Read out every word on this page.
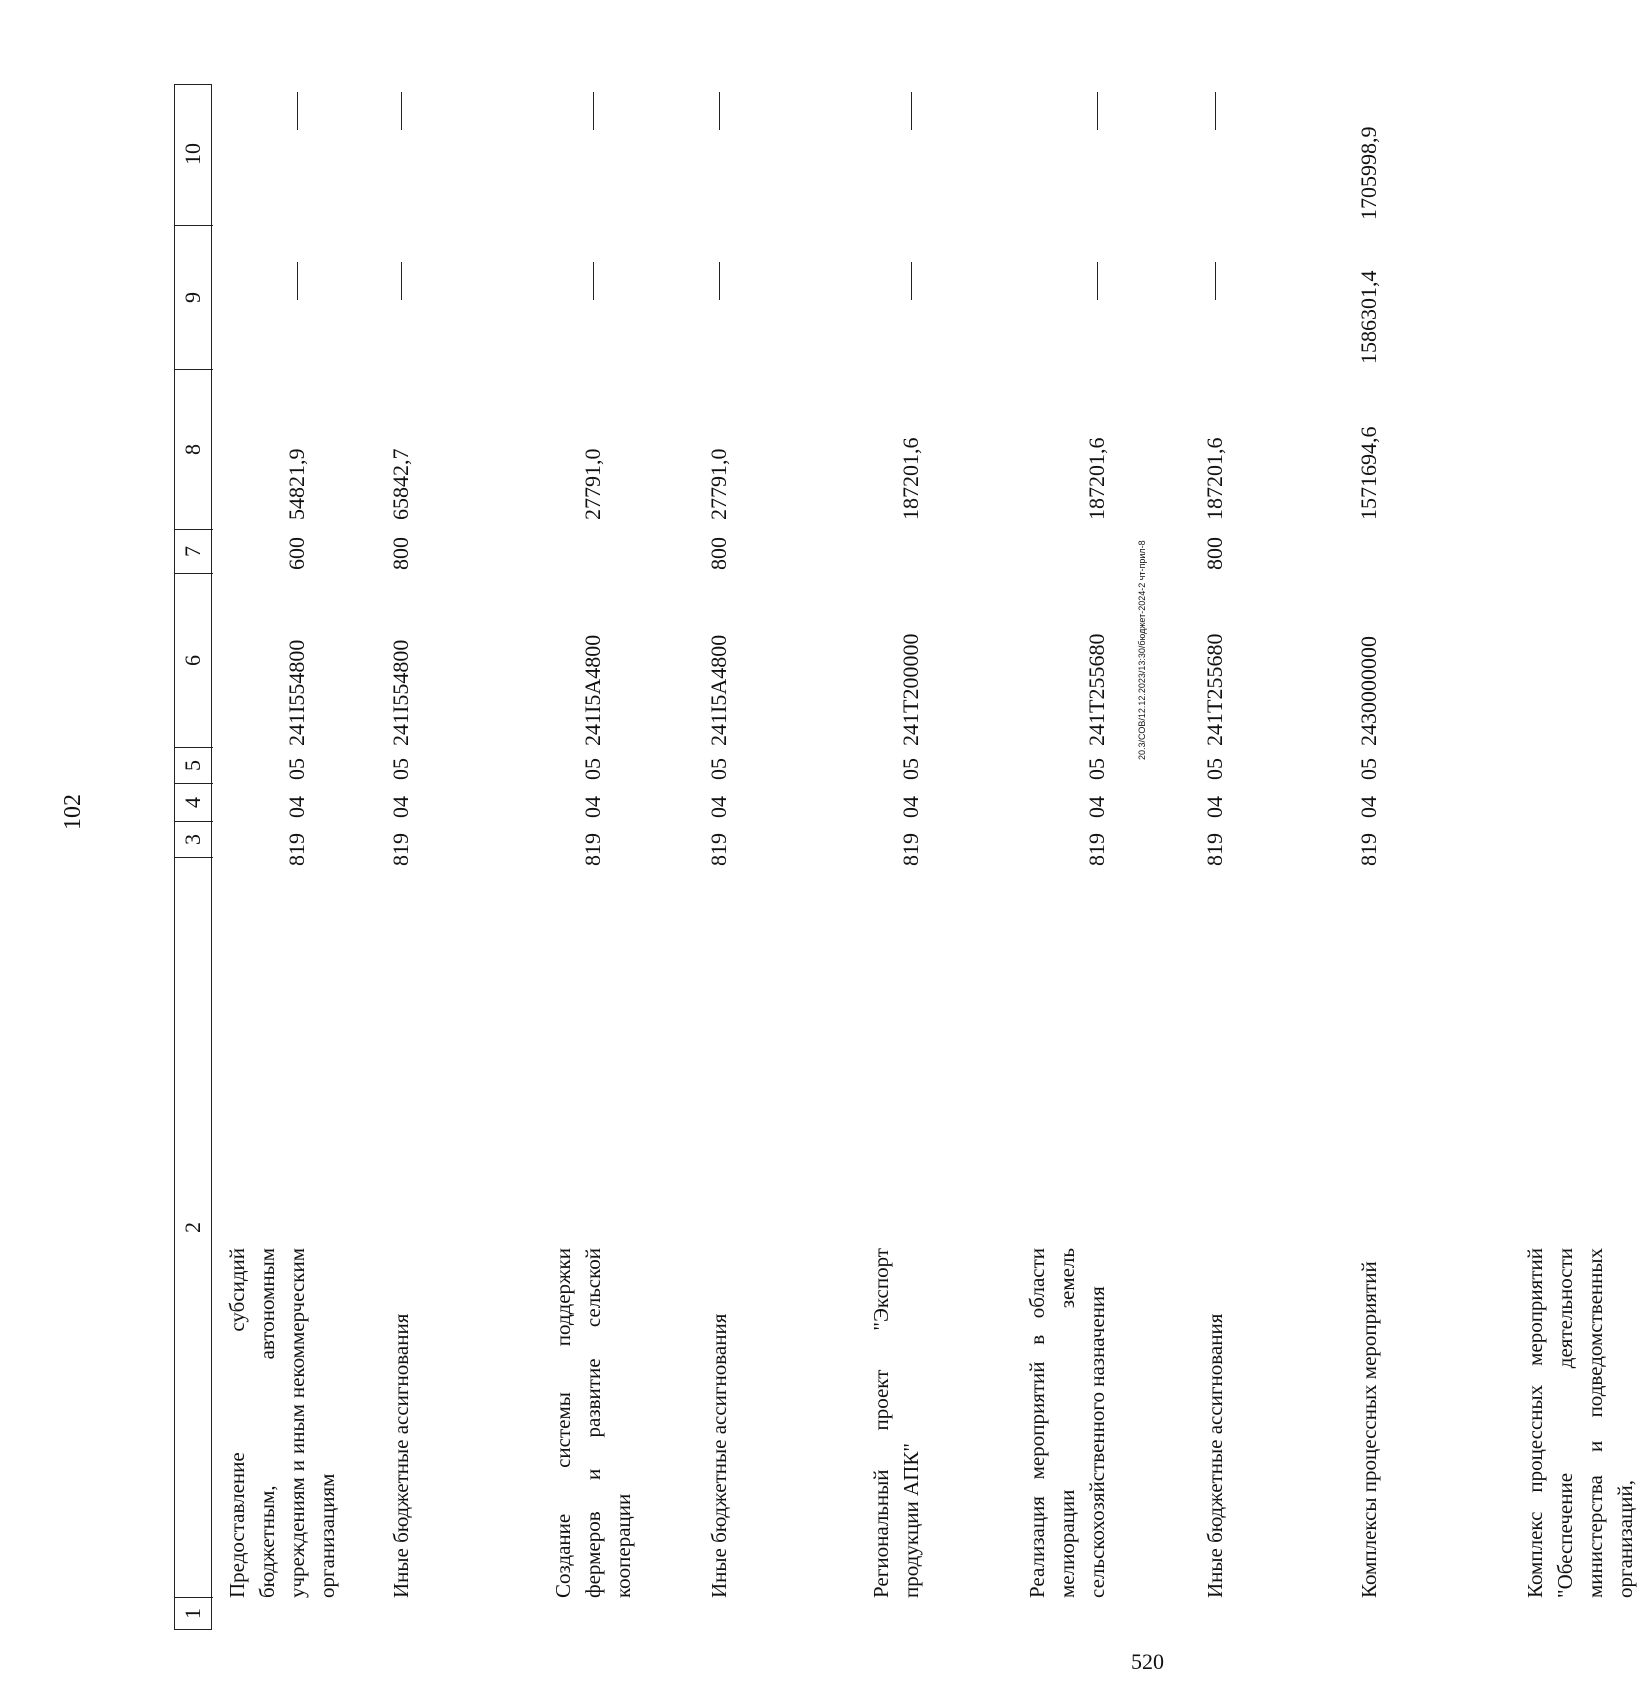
102
520
20.3/СОВ/12.12.2023/13:30/бюджет-2024-2 чт-прил-8
1
2
3
4
5
6
7
8
9
10
Предоставление субсидий бюджетным, автономным учреждениям и иным некоммерческим организациям
819
04
05
241I554800
600
54821,9
Иные бюджетные ассигнования
819
04
05
241I554800
800
65842,7
Создание системы поддержки фермеров и развитие сельской кооперации
819
04
05
241I5A4800
27791,0
Иные бюджетные ассигнования
819
04
05
241I5A4800
800
27791,0
Региональный проект "Экспорт продукции АПК"
819
04
05
241Т200000
187201,6
Реализация мероприятий в области мелиорации земель сельскохозяйственного назначения
819
04
05
241Т255680
187201,6
Иные бюджетные ассигнования
819
04
05
241Т255680
800
187201,6
Комплексы процессных мероприятий
819
04
05
2430000000
1571694,6
1586301,4
1705998,9
Комплекс процессных мероприятий "Обеспечение деятельности министерства и подведомственных организаций,
